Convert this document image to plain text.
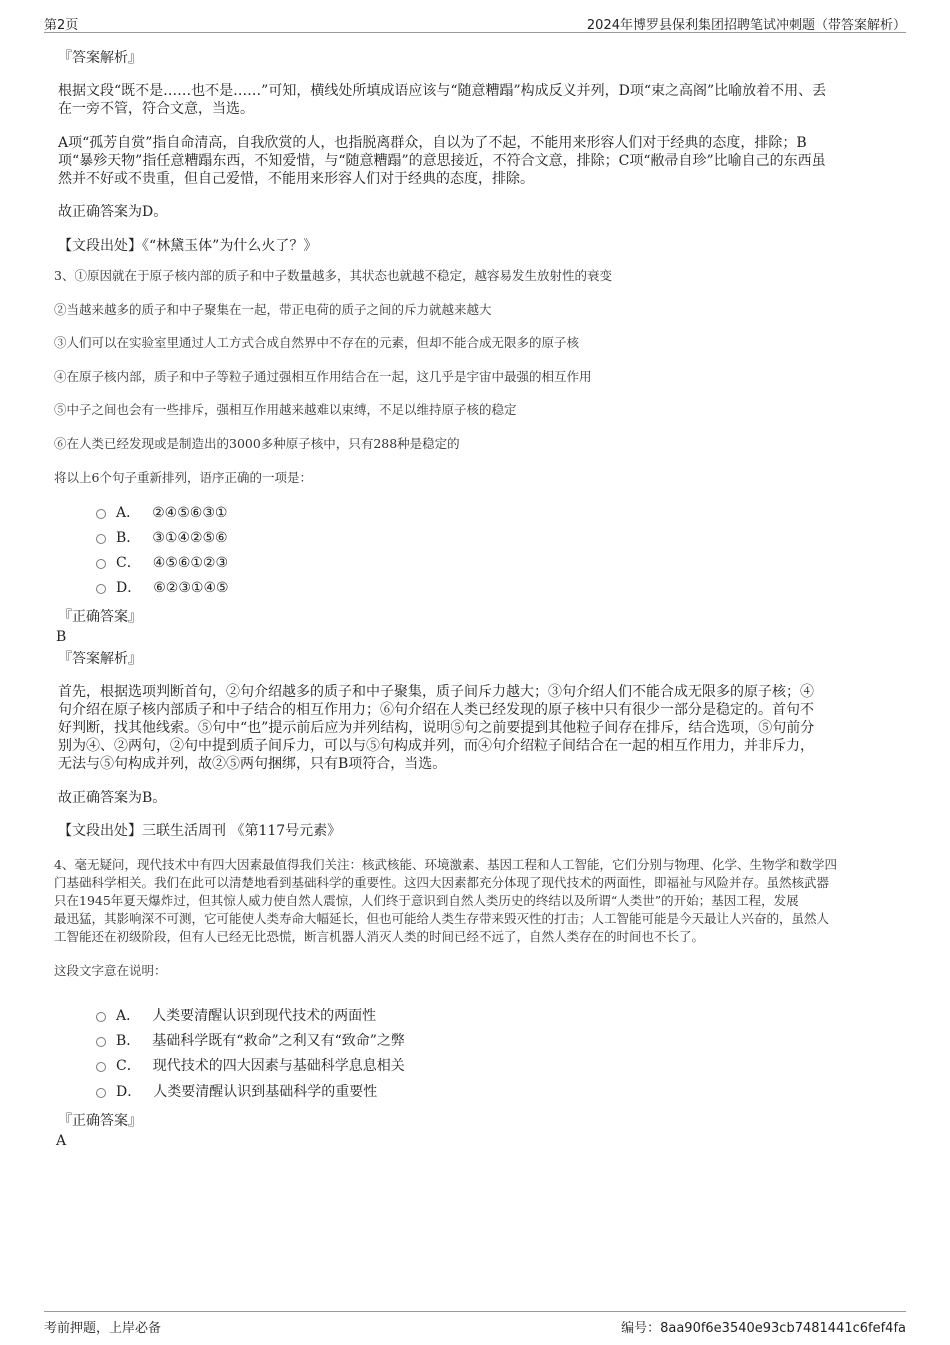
第2页	2024年博罗县保利集团招聘笔试冲刺题（带答案解析）
『答案解析』
根据文段“既不是……也不是……”可知，横线处所填成语应该与“随意糟蹋”构成反义并列，D项“束之高阁”比喻放着不用、丢
在一旁不管，符合文意，当选。
A项“孤芳自赏”指自命清高，自我欣赏的人，也指脱离群众，自以为了不起，不能用来形容人们对于经典的态度，排除；B
项“暴殄天物”指任意糟蹋东西，不知爱惜，与“随意糟蹋”的意思接近，不符合文意，排除；C项“敝帚自珍”比喻自己的东西虽
然并不好或不贵重，但自己爱惜，不能用来形容人们对于经典的态度，排除。
故正确答案为D。
【文段出处】《“林黛玉体”为什么火了？》
3、①原因就在于原子核内部的质子和中子数量越多，其状态也就越不稳定，越容易发生放射性的衰变
②当越来越多的质子和中子聚集在一起，带正电荷的质子之间的斥力就越来越大
③人们可以在实验室里通过人工方式合成自然界中不存在的元素，但却不能合成无限多的原子核
④在原子核内部，质子和中子等粒子通过强相互作用结合在一起，这几乎是宇宙中最强的相互作用
⑤中子之间也会有一些排斥，强相互作用越来越难以束缚，不足以维持原子核的稳定
⑥在人类已经发现或是制造出的3000多种原子核中，只有288种是稳定的
将以上6个句子重新排列，语序正确的一项是：
A． ②④⑤⑥③①
B． ③①④②⑤⑥
C． ④⑤⑥①②③
D． ⑥②③①④⑤
『正确答案』
B
『答案解析』
首先，根据选项判断首句，②句介绍越多的质子和中子聚集，质子间斥力越大；③句介绍人们不能合成无限多的原子核；④
句介绍在原子核内部质子和中子结合的相互作用力；⑥句介绍在人类已经发现的原子核中只有很少一部分是稳定的。首句不
好判断，找其他线索。⑤句中“也”提示前后应为并列结构，说明⑤句之前要提到其他粒子间存在排斥，结合选项，⑤句前分
别为④、②两句，②句中提到质子间斥力，可以与⑤句构成并列，而④句介绍粒子间结合在一起的相互作用力，并非斥力，
无法与⑤句构成并列，故②⑤两句捆绑，只有B项符合，当选。
故正确答案为B。
【文段出处】三联生活周刊 《第117号元素》
4、毫无疑问，现代技术中有四大因素最值得我们关注：核武核能、环境激素、基因工程和人工智能，它们分别与物理、化学、生物学和数学四
门基础科学相关。我们在此可以清楚地看到基础科学的重要性。这四大因素都充分体现了现代技术的两面性，即福祉与风险并存。虽然核武器
只在1945年夏天爆炸过，但其惊人威力使自然人震惊，人们终于意识到自然人类历史的终结以及所谓“人类世”的开始；基因工程，发展
最迅猛，其影响深不可测，它可能使人类寿命大幅延长，但也可能给人类生存带来毁灭性的打击；人工智能可能是今天最让人兴奋的，虽然人
工智能还在初级阶段，但有人已经无比恐慌，断言机器人消灭人类的时间已经不远了，自然人类存在的时间也不长了。
这段文字意在说明：
A． 人类要清醒认识到现代技术的两面性
B． 基础科学既有“救命”之利又有“致命”之弊
C． 现代技术的四大因素与基础科学息息相关
D． 人类要清醒认识到基础科学的重要性
『正确答案』
A
考前押题，上岸必备	编号：8aa90f6e3540e93cb7481441c6fef4fa
